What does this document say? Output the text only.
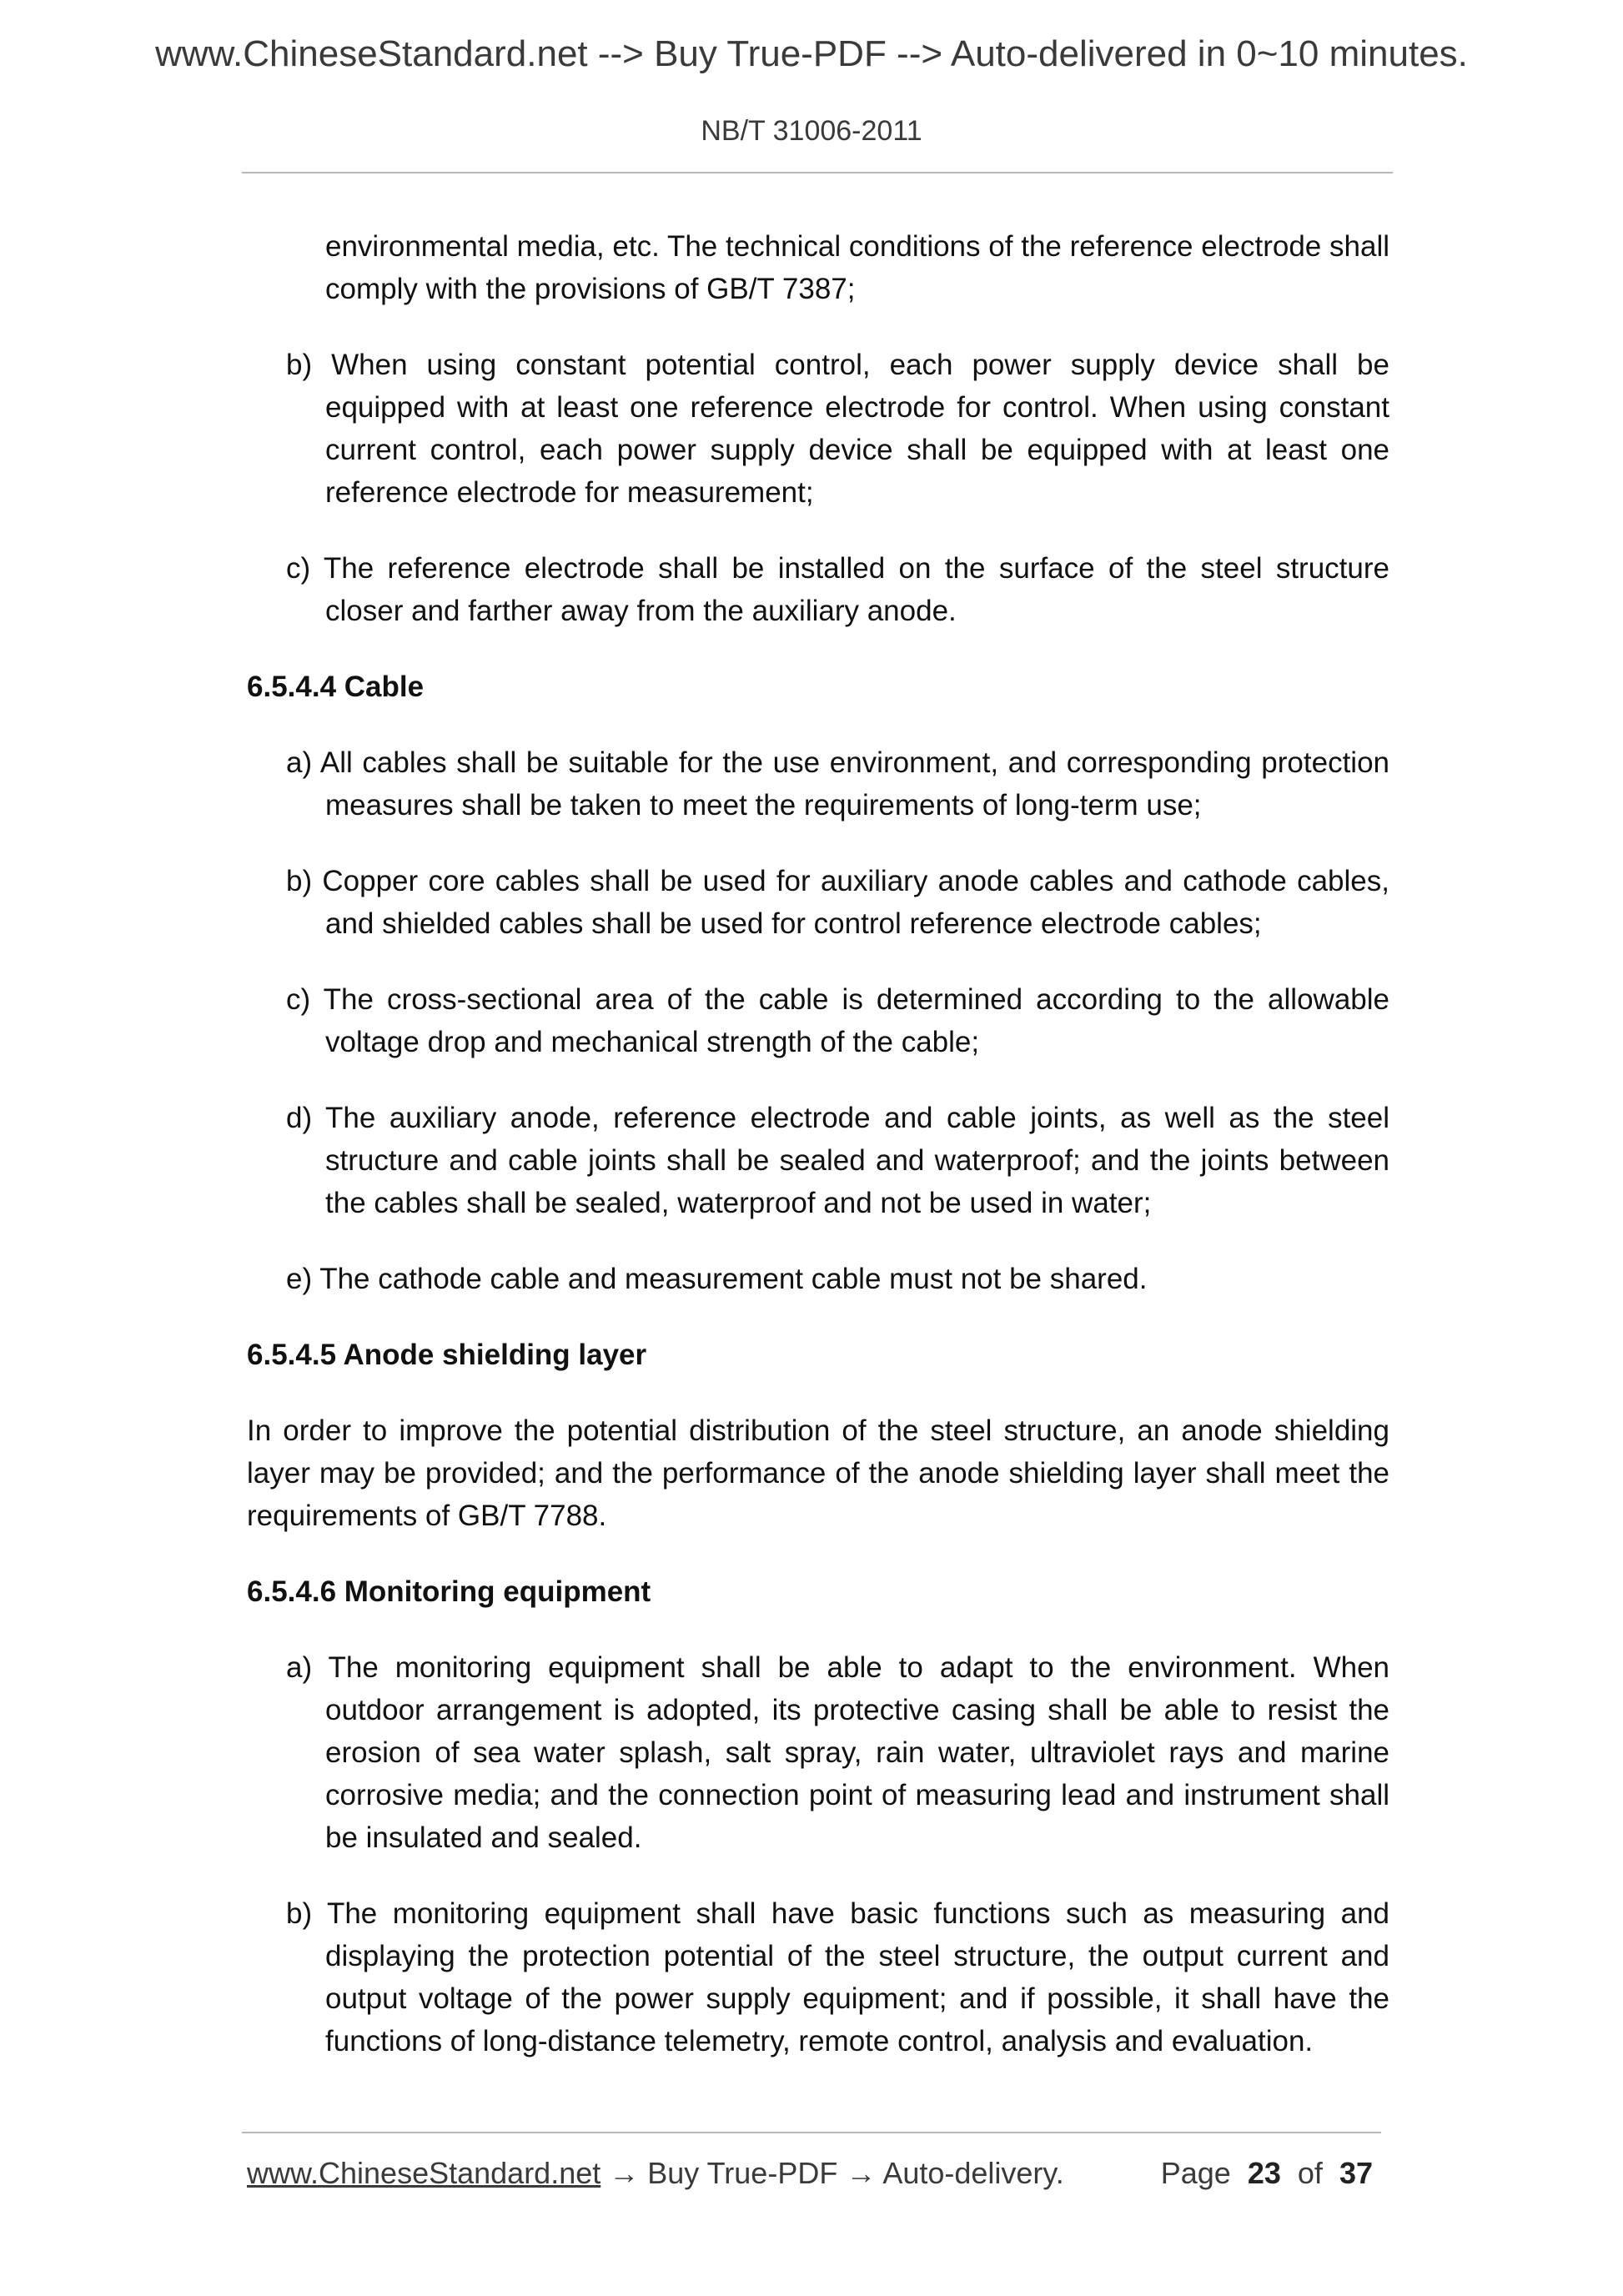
www.ChineseStandard.net --> Buy True-PDF --> Auto-delivered in 0~10 minutes.
NB/T 31006-2011

environmental media, etc. The technical conditions of the reference electrode shall comply with the provisions of GB/T 7387;

b) When using constant potential control, each power supply device shall be equipped with at least one reference electrode for control. When using constant current control, each power supply device shall be equipped with at least one reference electrode for measurement;

c) The reference electrode shall be installed on the surface of the steel structure closer and farther away from the auxiliary anode.

6.5.4.4 Cable

a) All cables shall be suitable for the use environment, and corresponding protection measures shall be taken to meet the requirements of long-term use;

b) Copper core cables shall be used for auxiliary anode cables and cathode cables, and shielded cables shall be used for control reference electrode cables;

c) The cross-sectional area of the cable is determined according to the allowable voltage drop and mechanical strength of the cable;

d) The auxiliary anode, reference electrode and cable joints, as well as the steel structure and cable joints shall be sealed and waterproof; and the joints between the cables shall be sealed, waterproof and not be used in water;

e) The cathode cable and measurement cable must not be shared.

6.5.4.5 Anode shielding layer

In order to improve the potential distribution of the steel structure, an anode shielding layer may be provided; and the performance of the anode shielding layer shall meet the requirements of GB/T 7788.

6.5.4.6 Monitoring equipment

a) The monitoring equipment shall be able to adapt to the environment. When outdoor arrangement is adopted, its protective casing shall be able to resist the erosion of sea water splash, salt spray, rain water, ultraviolet rays and marine corrosive media; and the connection point of measuring lead and instrument shall be insulated and sealed.

b) The monitoring equipment shall have basic functions such as measuring and displaying the protection potential of the steel structure, the output current and output voltage of the power supply equipment; and if possible, it shall have the functions of long-distance telemetry, remote control, analysis and evaluation.

www.ChineseStandard.net → Buy True-PDF → Auto-delivery.	Page 23 of 37
